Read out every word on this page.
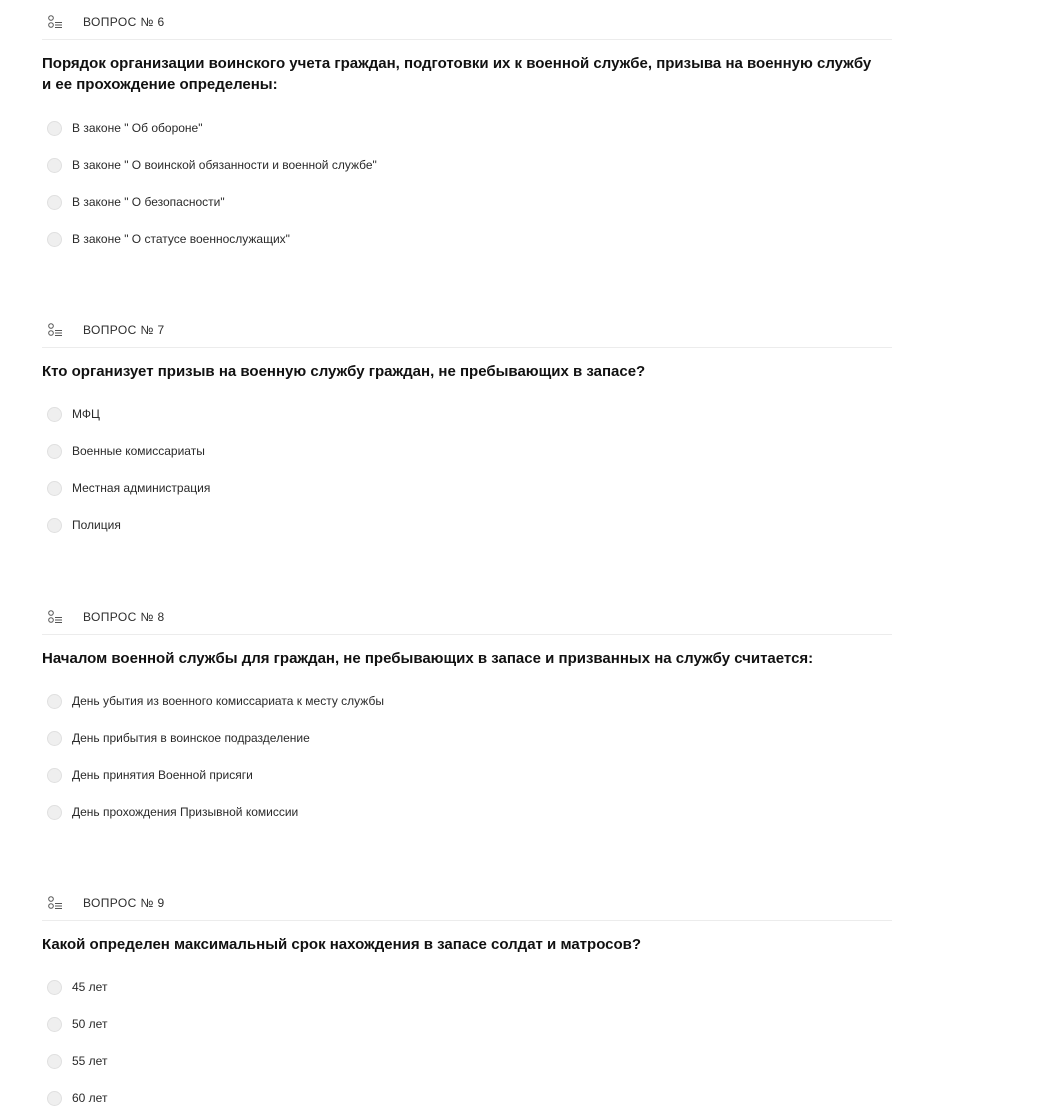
ВОПРОС № 6
Порядок организации воинского учета граждан, подготовки их к военной службе, призыва на военную службу и ее прохождение определены:
В законе " Об обороне"
В законе " О воинской обязанности и военной службе"
В законе " О безопасности"
В законе " О статусе военнослужащих"
ВОПРОС № 7
Кто организует призыв на военную службу граждан, не пребывающих в запасе?
МФЦ
Военные комиссариаты
Местная администрация
Полиция
ВОПРОС № 8
Началом военной службы для граждан, не пребывающих в запасе и призванных на службу считается:
День убытия из военного комиссариата к месту службы
День прибытия в воинское подразделение
День принятия Военной присяги
День прохождения Призывной комиссии
ВОПРОС № 9
Какой определен максимальный срок нахождения в запасе солдат и матросов?
45 лет
50 лет
55 лет
60 лет
